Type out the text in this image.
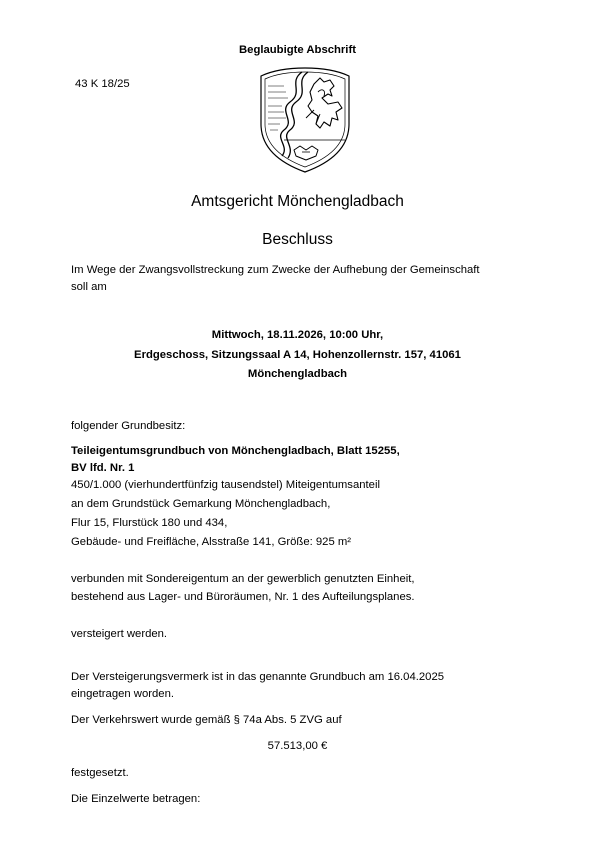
Beglaubigte Abschrift
43 K 18/25
Amtsgericht Mönchengladbach
Beschluss
Im Wege der Zwangsvollstreckung zum Zwecke der Aufhebung der Gemeinschaft
soll am
Mittwoch, 18.11.2026, 10:00 Uhr,
Erdgeschoss, Sitzungssaal A 14, Hohenzollernstr. 157, 41061
Mönchengladbach
folgender Grundbesitz:
Teileigentumsgrundbuch von Mönchengladbach, Blatt 15255,
BV lfd. Nr. 1
450/1.000 (vierhundertfünfzig tausendstel) Miteigentumsanteil
an dem Grundstück Gemarkung Mönchengladbach,
Flur 15, Flurstück 180 und 434,
Gebäude- und Freifläche, Alsstraße 141, Größe: 925 m²
verbunden mit Sondereigentum an der gewerblich genutzten Einheit,
bestehend aus Lager- und Büroräumen, Nr. 1 des Aufteilungsplanes.
versteigert werden.
Der Versteigerungsvermerk ist in das genannte Grundbuch am 16.04.2025
eingetragen worden.
Der Verkehrswert wurde gemäß § 74a Abs. 5 ZVG auf
57.513,00 €
festgesetzt.
Die Einzelwerte betragen:
